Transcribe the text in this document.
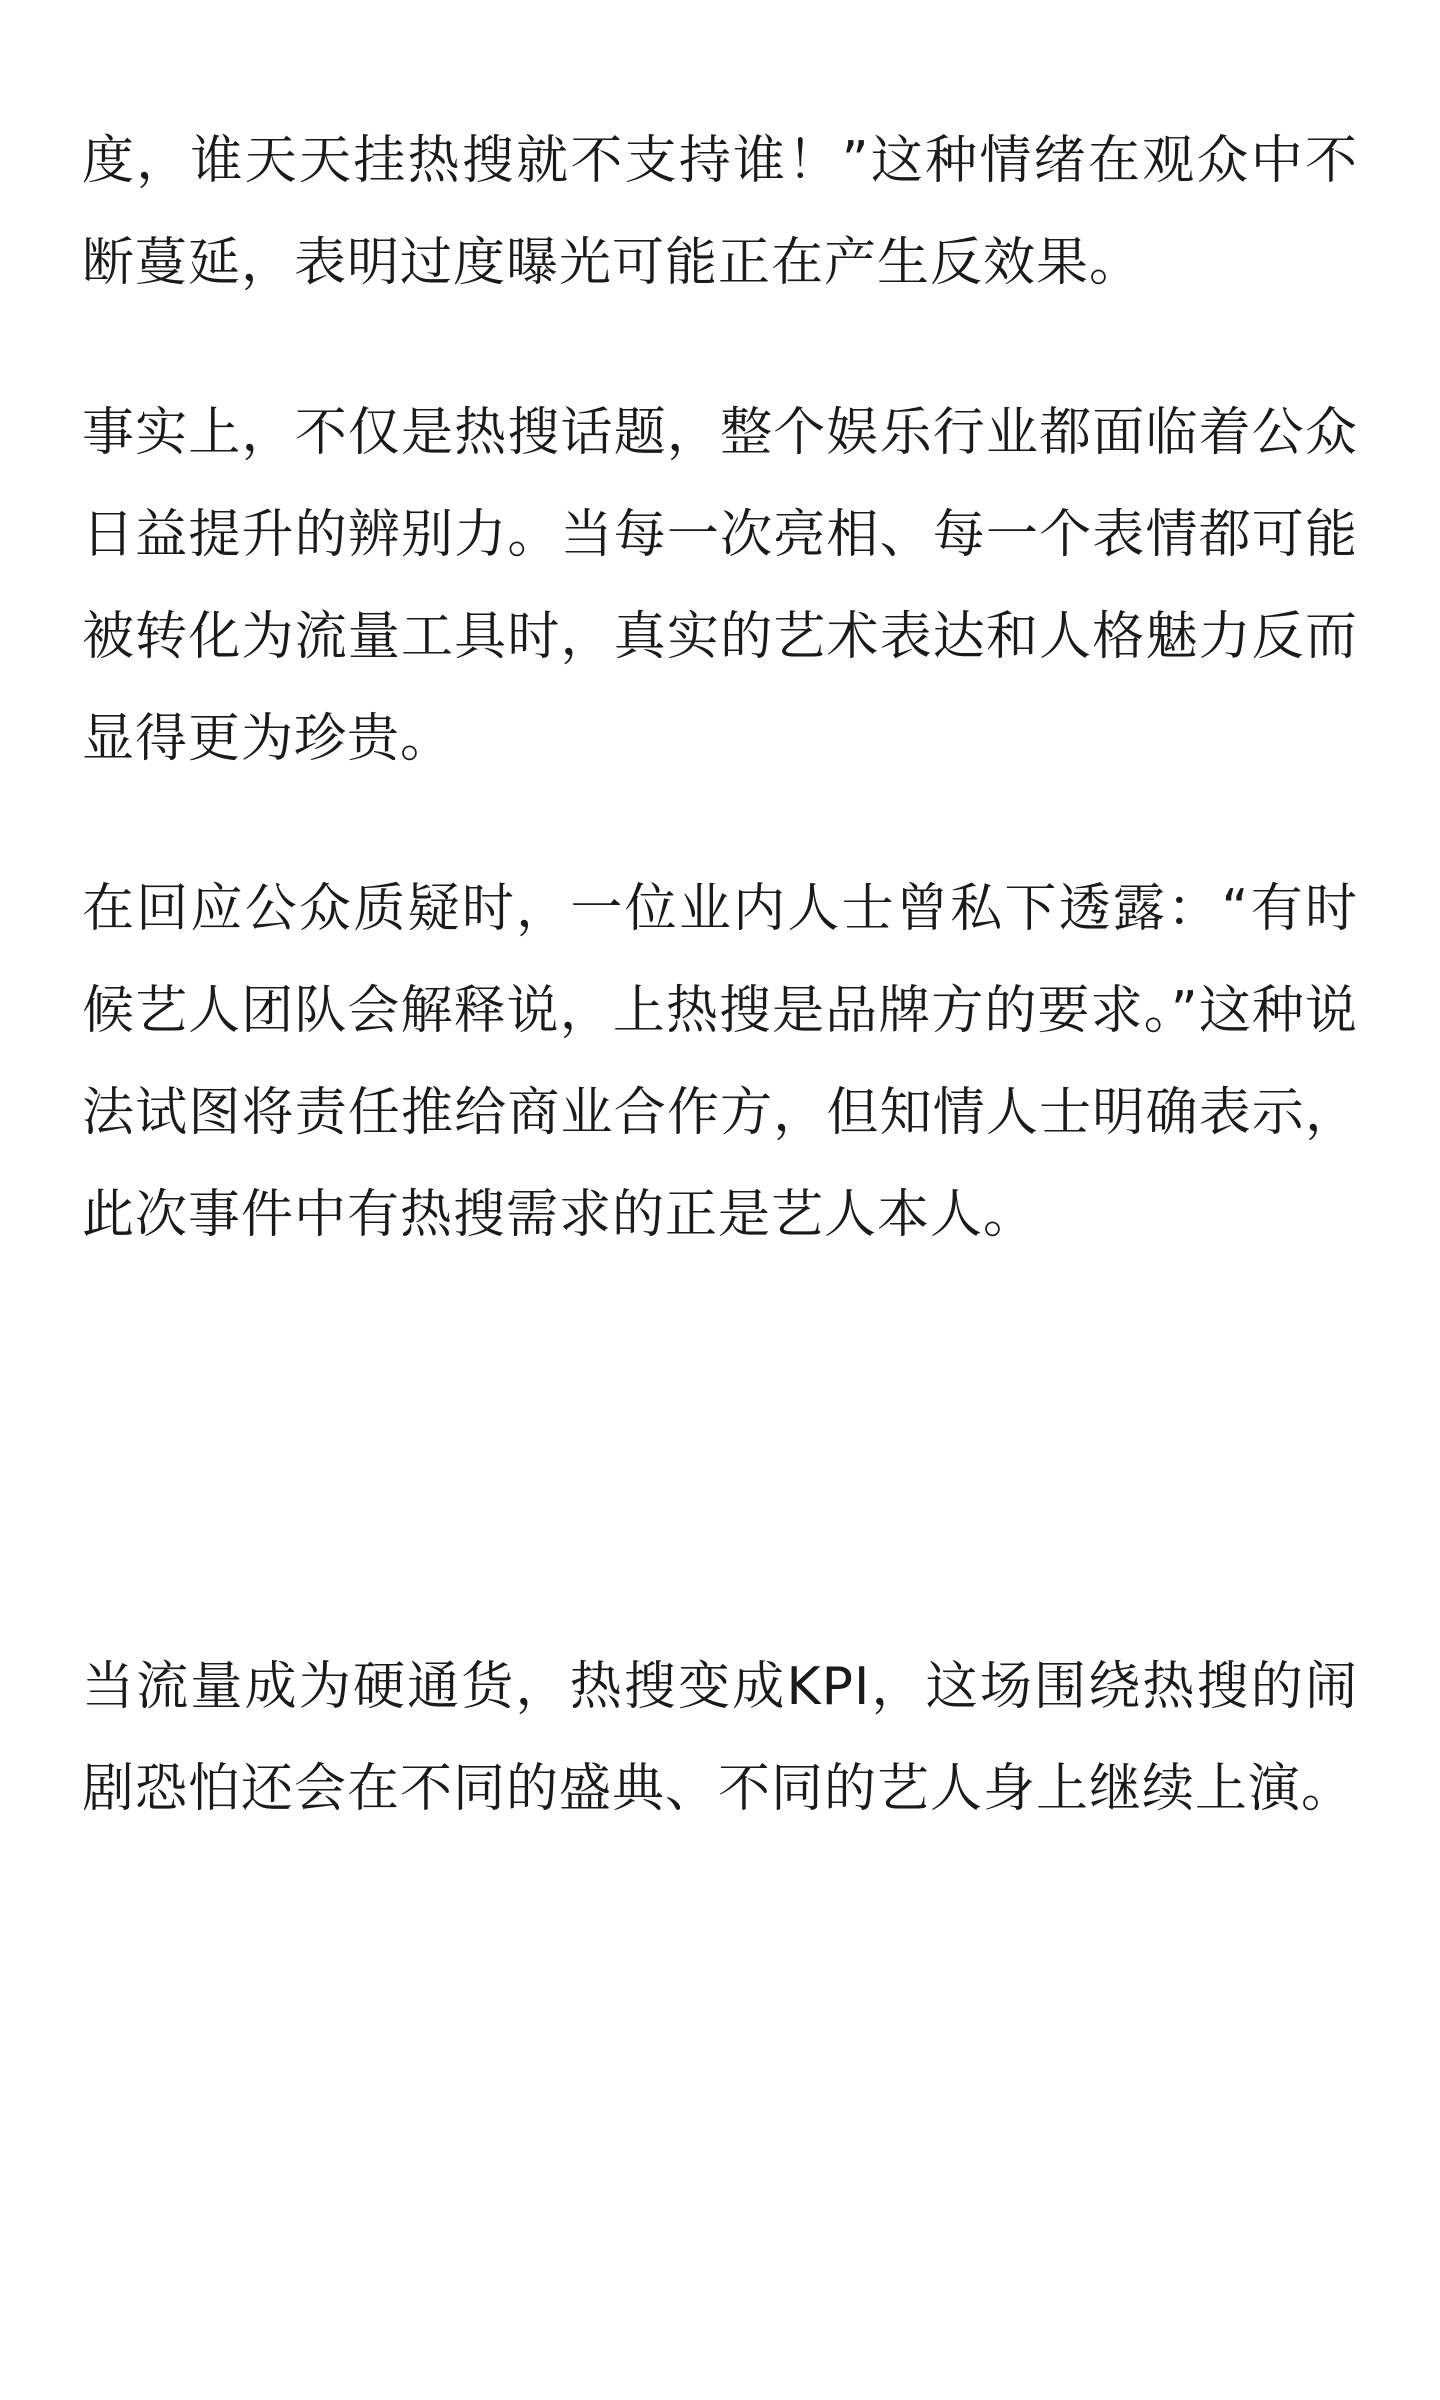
度，谁天天挂热搜就不支持谁！”这种情绪在观众中不断蔓延，表明过度曝光可能正在产生反效果。

事实上，不仅是热搜话题，整个娱乐行业都面临着公众日益提升的辨别力。当每一次亮相、每一个表情都可能被转化为流量工具时，真实的艺术表达和人格魅力反而显得更为珍贵。

在回应公众质疑时，一位业内人士曾私下透露：“有时候艺人团队会解释说，上热搜是品牌方的要求。”这种说法试图将责任推给商业合作方，但知情人士明确表示，此次事件中有热搜需求的正是艺人本人。

当流量成为硬通货，热搜变成KPI，这场围绕热搜的闹剧恐怕还会在不同的盛典、不同的艺人身上继续上演。
